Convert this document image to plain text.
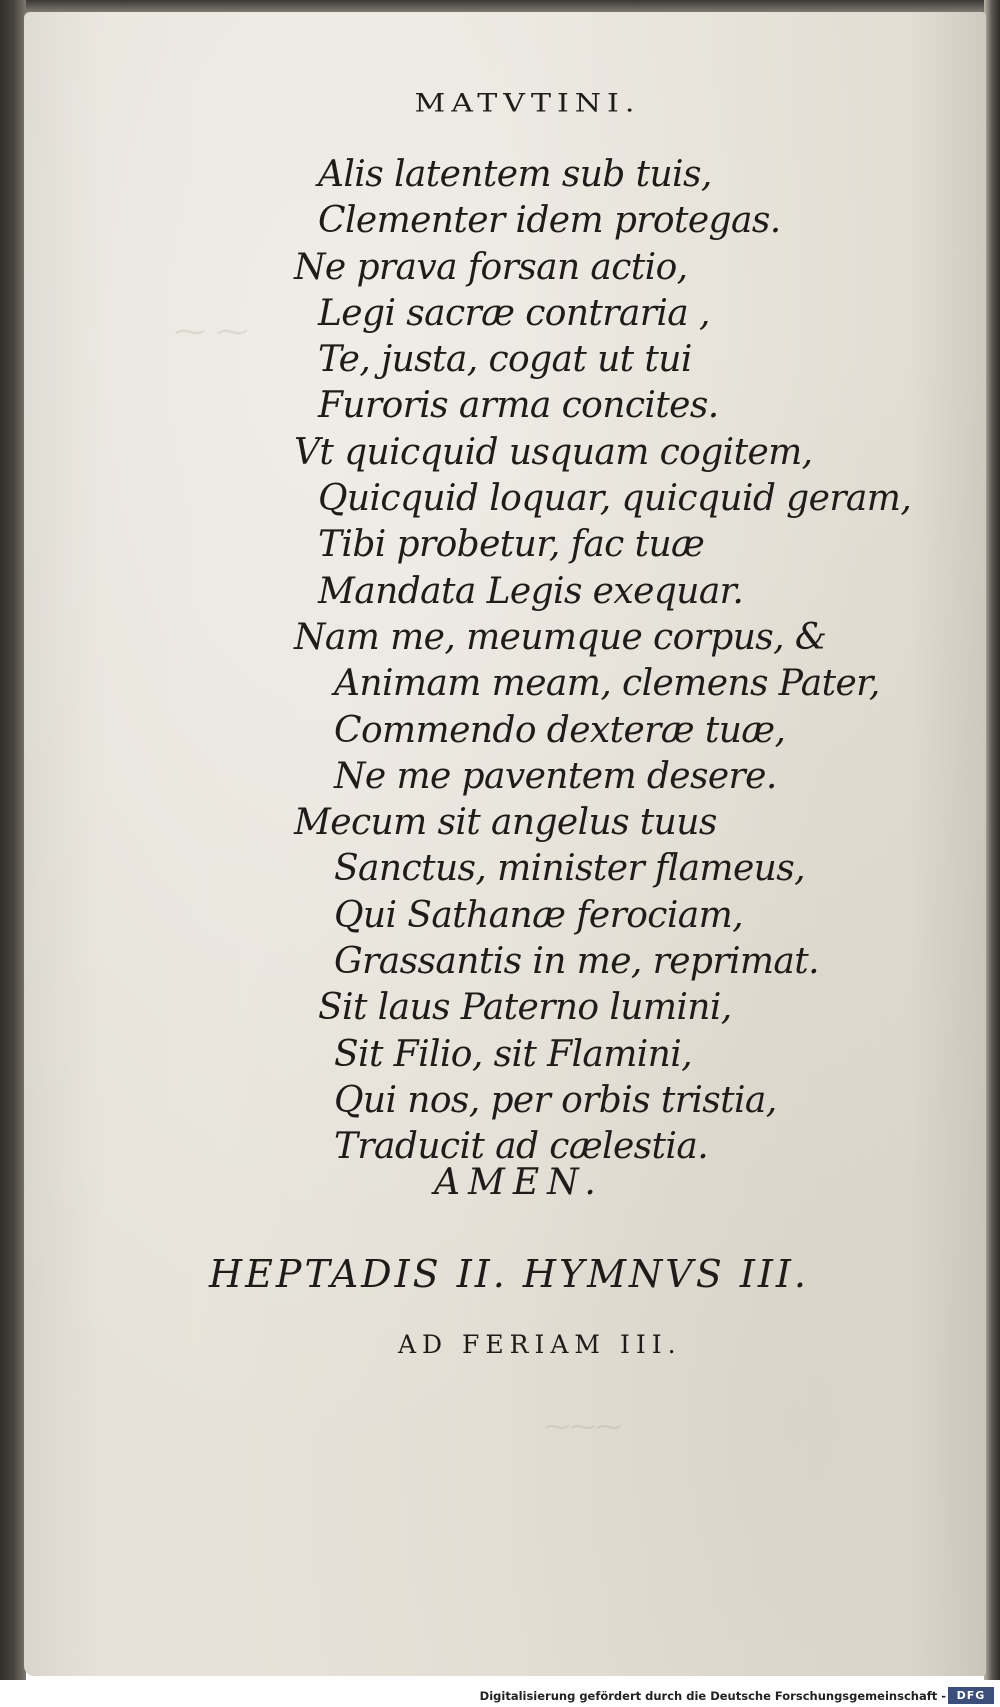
⁓ ⁓
⁓⁓⁓
MATVTINI.
Alis latentem sub tuis,
Clementer idem protegas.
Ne prava forsan actio,
Legi sacræ contraria ,
Te, justa, cogat ut tui
Furoris arma concites.
Vt quicquid usquam cogitem,
Quicquid loquar, quicquid geram,
Tibi probetur, fac tuæ
Mandata Legis exequar.
Nam me, meumque corpus, &
Animam meam, clemens Pater,
Commendo dexteræ tuæ,
Ne me paventem desere.
Mecum sit angelus tuus
Sanctus, minister flameus,
Qui Sathanæ ferociam,
Grassantis in me, reprimat.
Sit laus Paterno lumini,
Sit Filio, sit Flamini,
Qui nos, per orbis tristia,
Traducit ad cælestia.
AMEN.
HEPTADIS II. HYMNVS III.
AD FERIAM III.
Digitalisierung gefördert durch die Deutsche Forschungsgemeinschaft - DFG
